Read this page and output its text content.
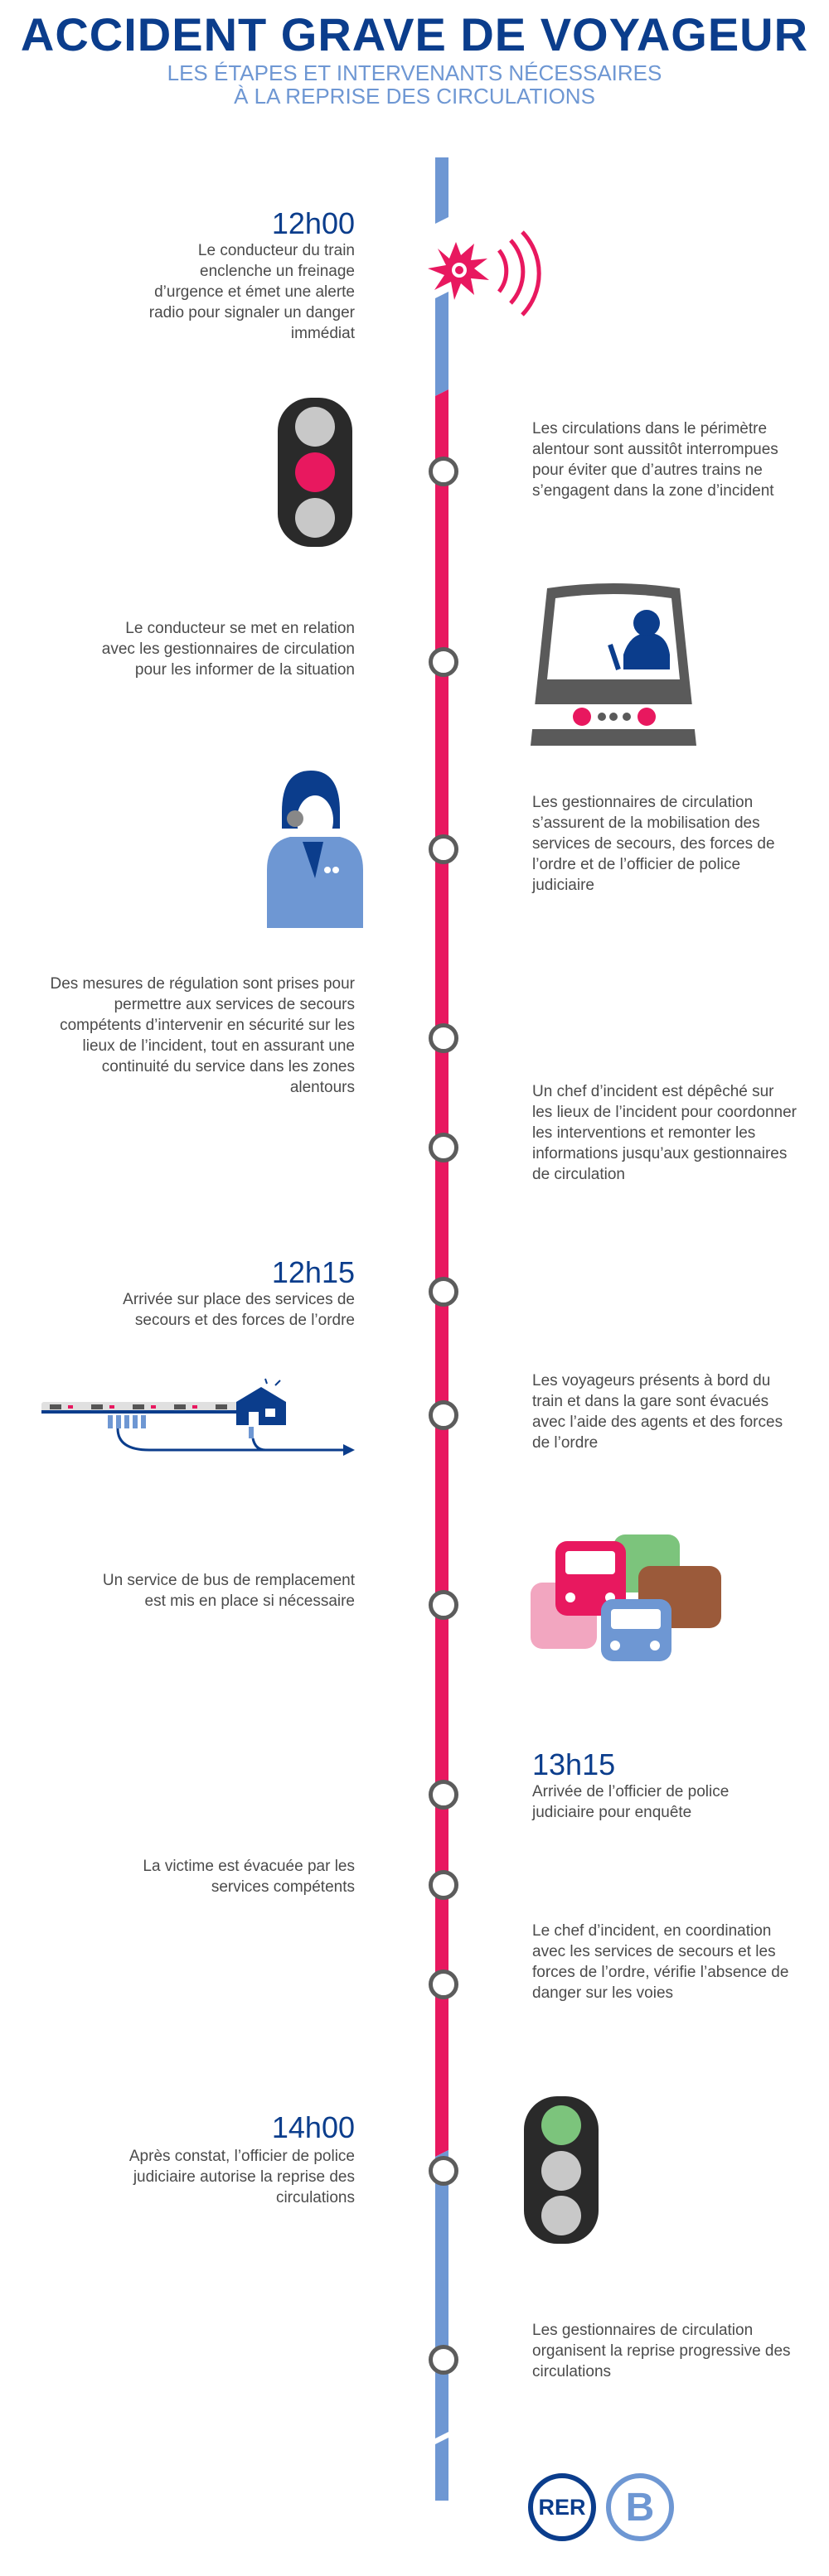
ACCIDENT GRAVE DE VOYAGEUR
LES ÉTAPES ET INTERVENANTS NÉCESSAIRES
À LA REPRISE DES CIRCULATIONS
12h00
Le conducteur du train enclenche un freinage d’urgence et émet une alerte radio pour signaler un danger immédiat
Les circulations dans le périmètre alentour sont aussitôt interrompues pour éviter que d’autres trains ne s’engagent dans la zone d’incident
Le conducteur se met en relation avec les gestionnaires de circulation pour les informer de la situation
Les gestionnaires de circulation s’assurent de la mobilisation des services de secours, des forces de l’ordre et de l’officier de police judiciaire
Des mesures de régulation sont prises pour permettre aux services de secours compétents d’intervenir en sécurité sur les lieux de l’incident, tout en assurant une continuité du service dans les zones alentours	Un chef d’incident est dépêché sur les lieux de l’incident pour coordonner les interventions et remonter les informations jusqu’aux gestionnaires de circulation
12h15
Arrivée sur place des services de secours et des forces de l’ordre
Les voyageurs présents à bord du train et dans la gare sont évacués avec l’aide des agents et des forces de l’ordre
Un service de bus de remplacement est mis en place si nécessaire
13h15
Arrivée de l’officier de police judiciaire pour enquête
La victime est évacuée par les services compétents
Le chef d’incident, en coordination avec les services de secours et les forces de l’ordre, vérifie l’absence de danger sur les voies
14h00
Après constat, l’officier de police judiciaire autorise la reprise des circulations
Les gestionnaires de circulation organisent la reprise progressive des circulations
RER B
